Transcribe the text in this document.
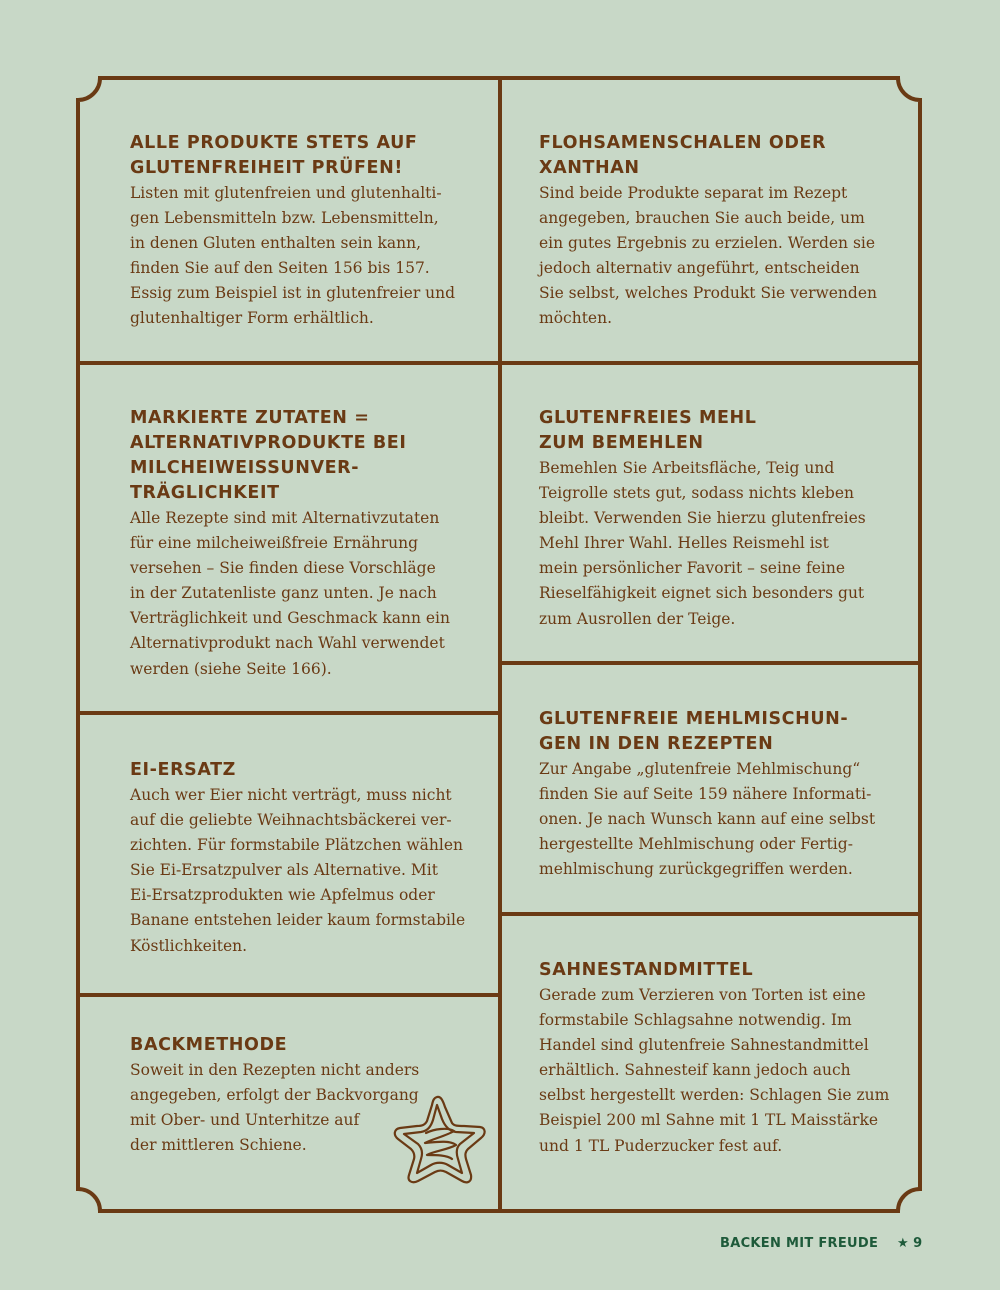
ALLE PRODUKTE STETS AUF
GLUTENFREIHEIT PRÜFEN!
Listen mit glutenfreien und glutenhalti-
gen Lebensmitteln bzw. Lebensmitteln,
in denen Gluten enthalten sein kann,
finden Sie auf den Seiten 156 bis 157.
Essig zum Beispiel ist in glutenfreier und
glutenhaltiger Form erhältlich.
FLOHSAMENSCHALEN ODER
XANTHAN
Sind beide Produkte separat im Rezept
angegeben, brauchen Sie auch beide, um
ein gutes Ergebnis zu erzielen. Werden sie
jedoch alternativ angeführt, entscheiden
Sie selbst, welches Produkt Sie verwenden
möchten.
MARKIERTE ZUTATEN =
ALTERNATIVPRODUKTE BEI
MILCHEIWEISSUNVER-
TRÄGLICHKEIT
Alle Rezepte sind mit Alternativzutaten
für eine milcheiweißfreie Ernährung
versehen – Sie finden diese Vorschläge
in der Zutatenliste ganz unten. Je nach
Verträglichkeit und Geschmack kann ein
Alternativprodukt nach Wahl verwendet
werden (siehe Seite 166).
GLUTENFREIES MEHL
ZUM BEMEHLEN
Bemehlen Sie Arbeitsfläche, Teig und
Teigrolle stets gut, sodass nichts kleben
bleibt. Verwenden Sie hierzu glutenfreies
Mehl Ihrer Wahl. Helles Reismehl ist
mein persönlicher Favorit – seine feine
Rieselfähigkeit eignet sich besonders gut
zum Ausrollen der Teige.
EI-ERSATZ
Auch wer Eier nicht verträgt, muss nicht
auf die geliebte Weihnachtsbäckerei ver-
zichten. Für formstabile Plätzchen wählen
Sie Ei-Ersatzpulver als Alternative. Mit
Ei-Ersatzprodukten wie Apfelmus oder
Banane entstehen leider kaum formstabile
Köstlichkeiten.
GLUTENFREIE MEHLMISCHUN-
GEN IN DEN REZEPTEN
Zur Angabe „glutenfreie Mehlmischung“
finden Sie auf Seite 159 nähere Informati-
onen. Je nach Wunsch kann auf eine selbst
hergestellte Mehlmischung oder Fertig-
mehlmischung zurückgegriffen werden.
BACKMETHODE
Soweit in den Rezepten nicht anders
angegeben, erfolgt der Backvorgang
mit Ober- und Unterhitze auf
der mittleren Schiene.
SAHNESTANDMITTEL
Gerade zum Verzieren von Torten ist eine
formstabile Schlagsahne notwendig. Im
Handel sind glutenfreie Sahnestandmittel
erhältlich. Sahnesteif kann jedoch auch
selbst hergestellt werden: Schlagen Sie zum
Beispiel 200 ml Sahne mit 1 TL Maisstärke
und 1 TL Puderzucker fest auf.
BACKEN MIT FREUDE ★ 9
